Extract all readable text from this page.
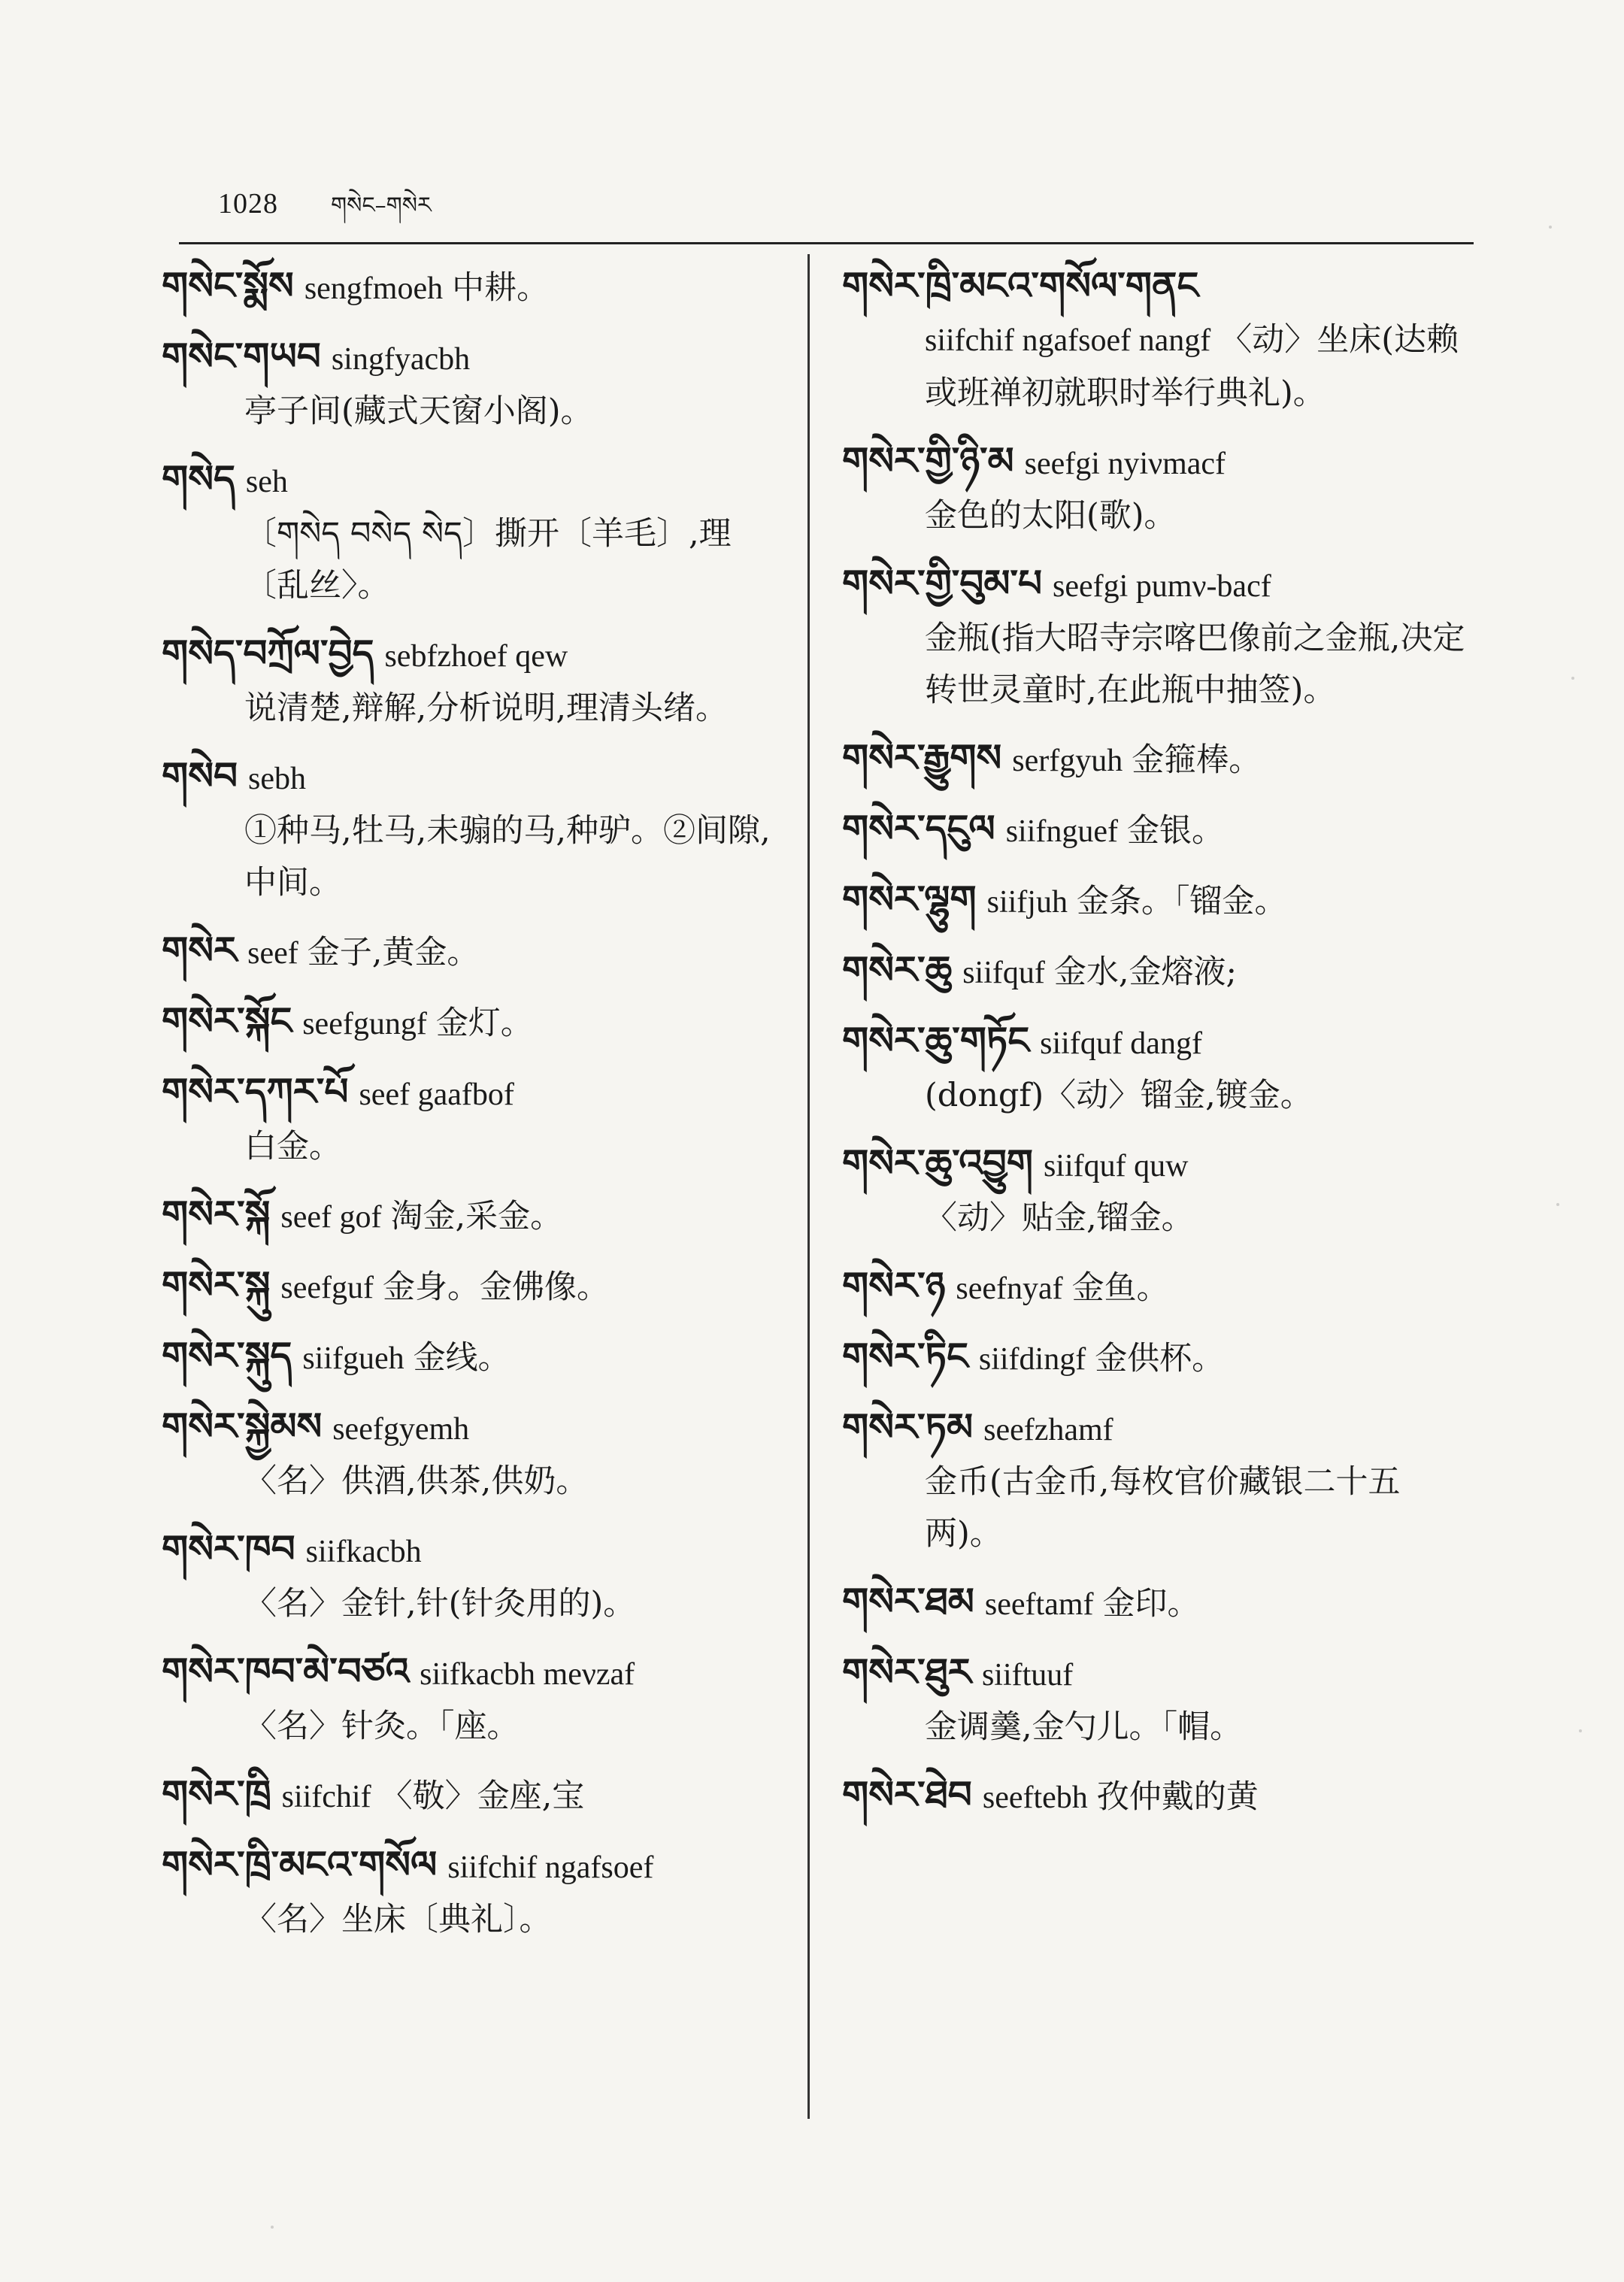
1028 གསེང–གསེར
གསེང་སྨོས sengfmoeh 中耕。
གསེང་གཡབ singfyacbh
亭子间(藏式天窗小阁)。
གསེད seh
〔གསེད བསེད སེད〕撕开〔羊毛〕,理〔乱丝〉。
གསེད་བཀྲོལ་བྱེད sebfzhoef qew
说清楚,辩解,分析说明,理清头绪。
གསེབ sebh
①种马,牡马,未骟的马,种驴。②间隙,中间。
གསེར seef 金子,黄金。
གསེར་སྐོང seefgungf 金灯。
གསེར་དཀར་པོ seef gaafbof
白金。
གསེར་སྐོ seef gof 淘金,采金。
གསེར་སྐུ seefguf 金身。金佛像。
གསེར་སྐུད siifgueh 金线。
གསེར་སྐྱེམས seefgyemh
〈名〉供酒,供茶,供奶。
གསེར་ཁབ siifkacbh
〈名〉金针,针(针灸用的)。
གསེར་ཁབ་མེ་བཙའ siifkacbh meνzaf
〈名〉针灸。「座。
གསེར་ཁྲི siifchif 〈敬〉金座,宝
གསེར་ཁྲི་མངའ་གསོལ siifchif ngafsoef
〈名〉坐床〔典礼〕。
གསེར་ཁྲི་མངའ་གསོལ་གནང
siifchif ngafsoef nangf 〈动〉坐床(达赖或班禅初就职时举行典礼)。
གསེར་གྱི་ཉི་མ seefgi nyiνmacf
金色的太阳(歌)。
གསེར་གྱི་བུམ་པ seefgi pumν-bacf
金瓶(指大昭寺宗喀巴像前之金瓶,决定转世灵童时,在此瓶中抽签)。
གསེར་རྒྱུགས serfgyuh 金箍棒。
གསེར་དངུལ siifnguef 金银。
གསེར་ལྷུག siifjuh 金条。「镏金。
གསེར་ཆུ siifquf 金水,金熔液;
གསེར་ཆུ་གཏོང siifquf dangf
(dongf)〈动〉镏金,镀金。
གསེར་ཆུ་འབྱུག siifquf quw
〈动〉贴金,镏金。
གསེར་ཉ seefnyaf 金鱼。
གསེར་ཏིང siifdingf 金供杯。
གསེར་ཏམ seefzhamf
金币(古金币,每枚官价藏银二十五两)。
གསེར་ཐམ seeftamf 金印。
གསེར་ཐུར siiftuuf
金调羹,金勺儿。「帽。
གསེར་ཐེབ seeftebh 孜仲戴的黄
